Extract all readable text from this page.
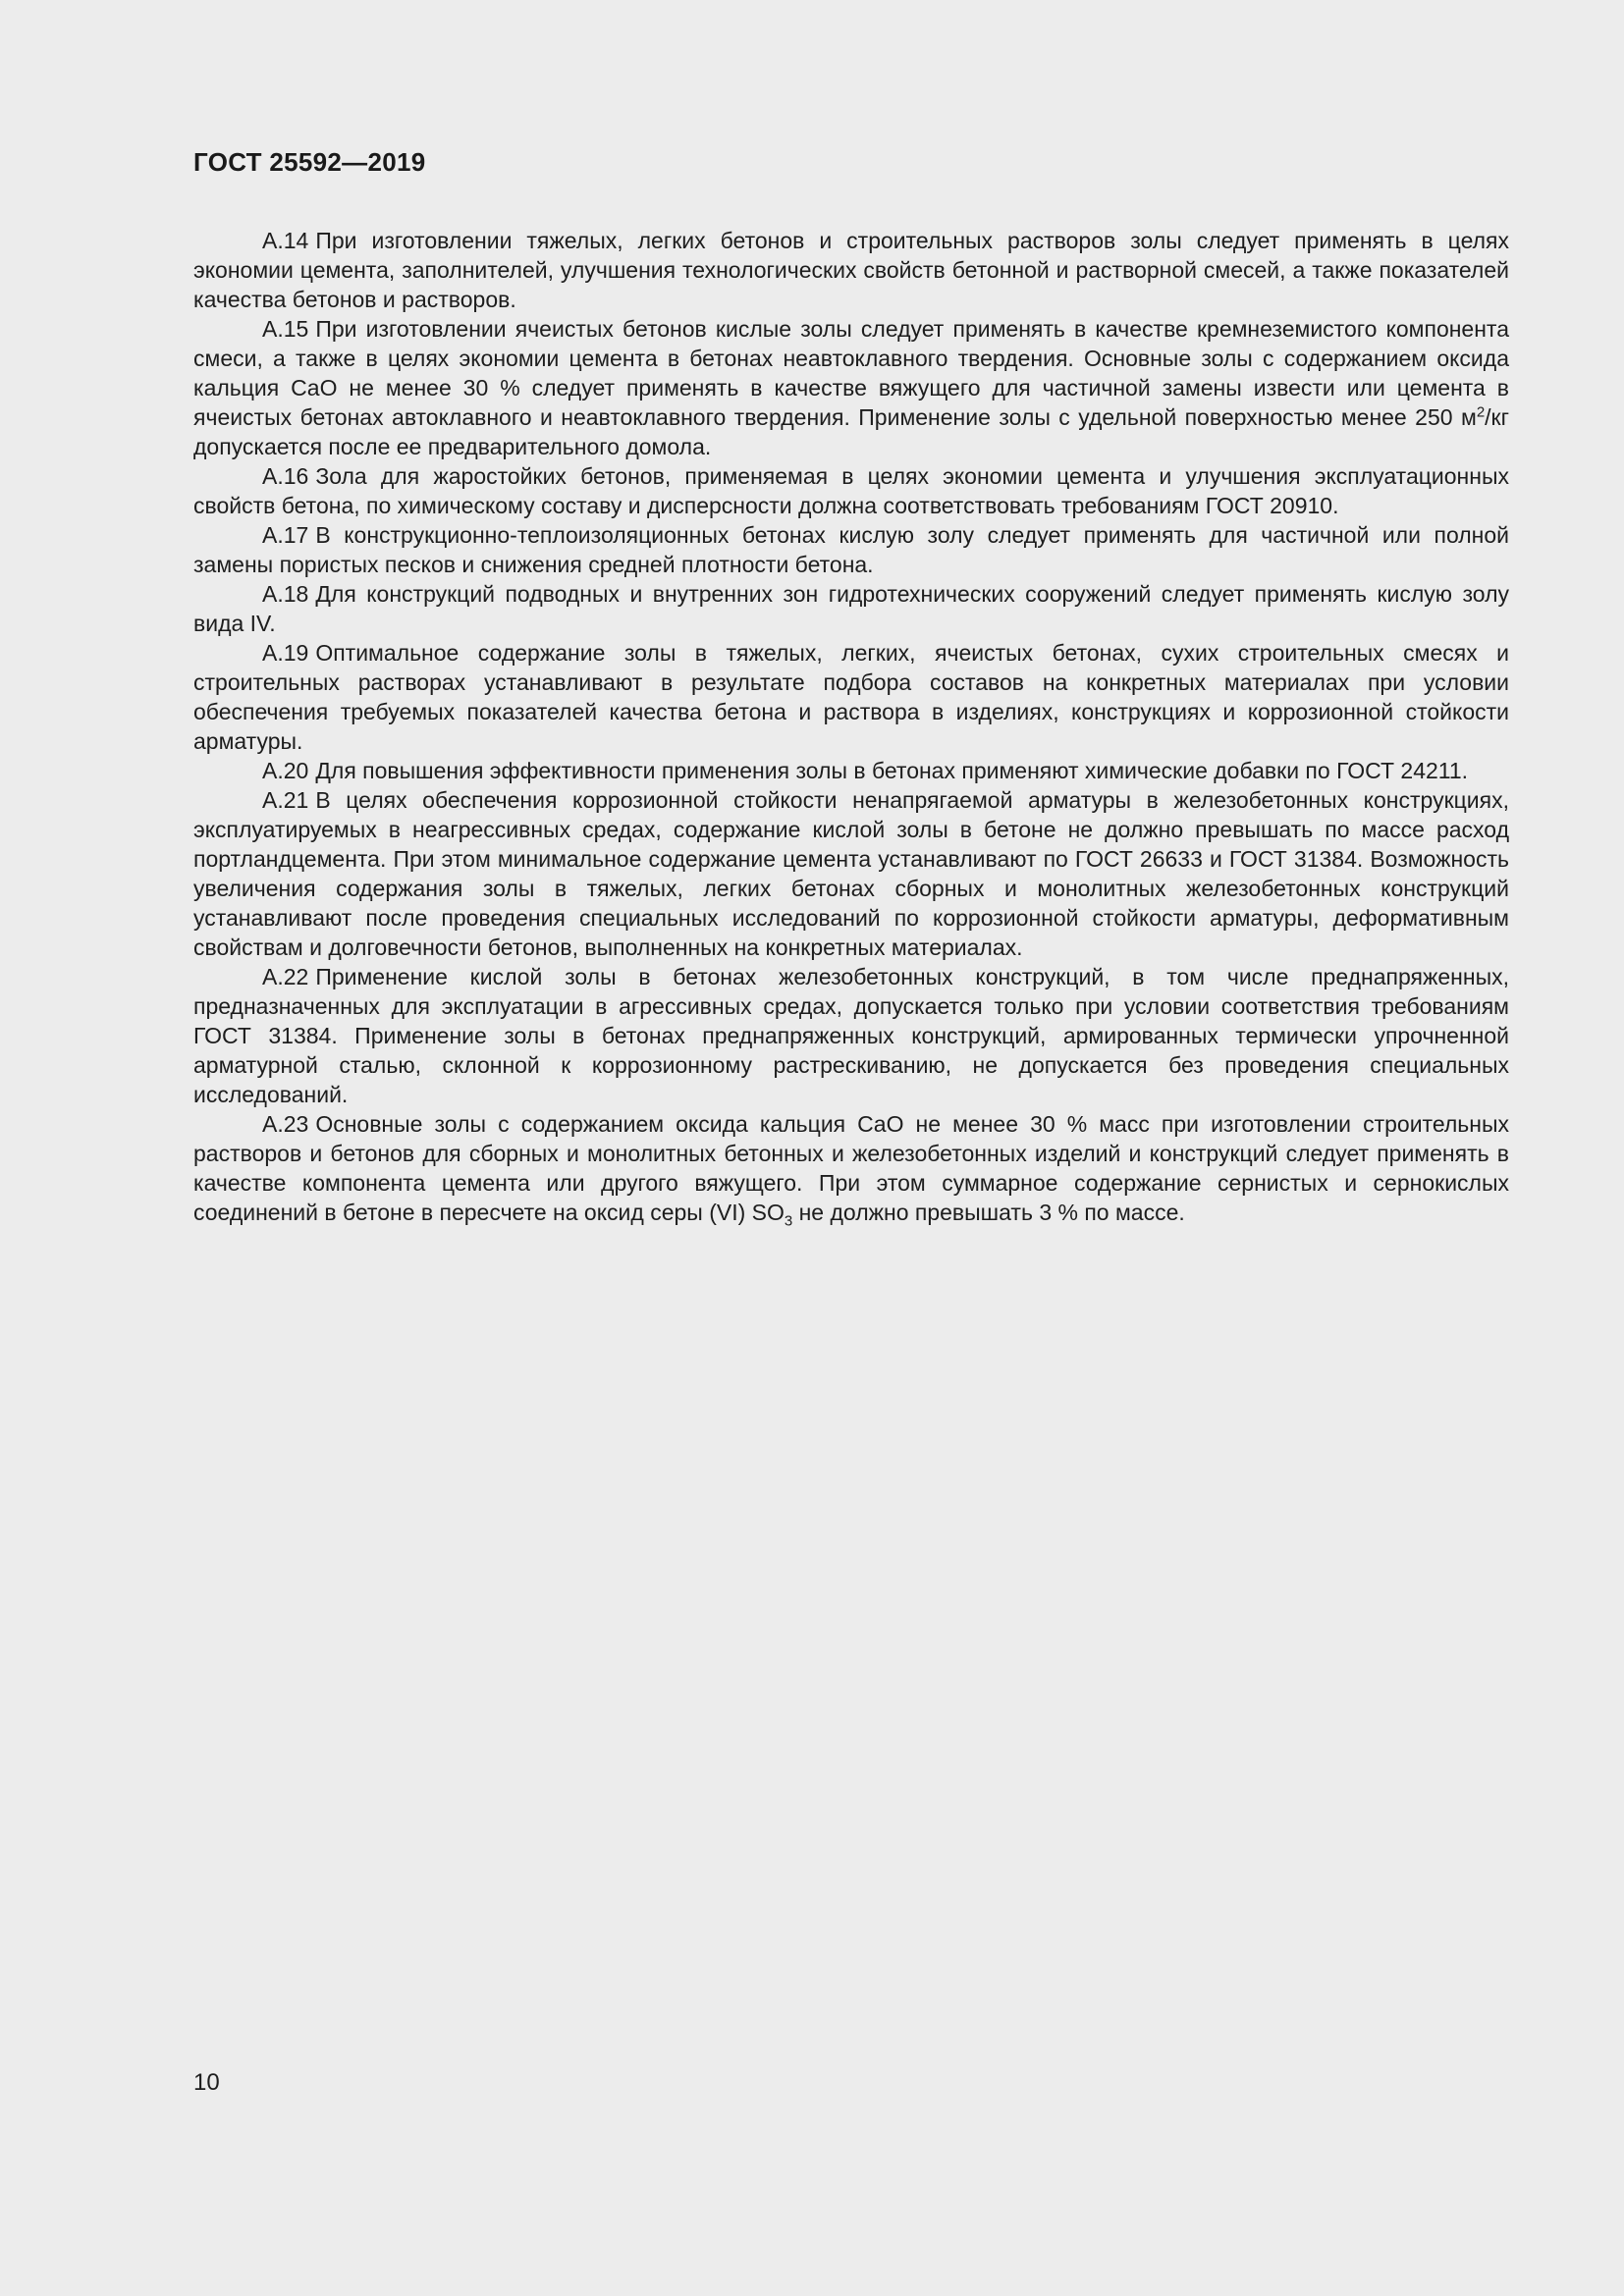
ГОСТ 25592—2019

А.14 При изготовлении тяжелых, легких бетонов и строительных растворов золы следует применять в целях экономии цемента, заполнителей, улучшения технологических свойств бетонной и растворной смесей, а также показателей качества бетонов и растворов.

А.15 При изготовлении ячеистых бетонов кислые золы следует применять в качестве кремнеземистого компонента смеси, а также в целях экономии цемента в бетонах неавтоклавного твердения. Основные золы с содержанием оксида кальция CaO не менее 30 % следует применять в качестве вяжущего для частичной замены извести или цемента в ячеистых бетонах автоклавного и неавтоклавного твердения. Применение золы с удельной поверхностью менее 250 $м^2/кг$ допускается после ее предварительного домола.

А.16 Зола для жаростойких бетонов, применяемая в целях экономии цемента и улучшения эксплуатационных свойств бетона, по химическому составу и дисперсности должна соответствовать требованиям ГОСТ 20910.

А.17 В конструкционно-теплоизоляционных бетонах кислую золу следует применять для частичной или полной замены пористых песков и снижения средней плотности бетона.

А.18 Для конструкций подводных и внутренних зон гидротехнических сооружений следует применять кислую золу вида IV.

А.19 Оптимальное содержание золы в тяжелых, легких, ячеистых бетонах, сухих строительных смесях и строительных растворах устанавливают в результате подбора составов на конкретных материалах при условии обеспечения требуемых показателей качества бетона и раствора в изделиях, конструкциях и коррозионной стойкости арматуры.

А.20 Для повышения эффективности применения золы в бетонах применяют химические добавки по ГОСТ 24211.

А.21 В целях обеспечения коррозионной стойкости ненапрягаемой арматуры в железобетонных конструкциях, эксплуатируемых в неагрессивных средах, содержание кислой золы в бетоне не должно превышать по массе расход портландцемента. При этом минимальное содержание цемента устанавливают по ГОСТ 26633 и ГОСТ 31384. Возможность увеличения содержания золы в тяжелых, легких бетонах сборных и монолитных железобетонных конструкций устанавливают после проведения специальных исследований по коррозионной стойкости арматуры, деформативным свойствам и долговечности бетонов, выполненных на конкретных материалах.

А.22 Применение кислой золы в бетонах железобетонных конструкций, в том числе преднапряженных, предназначенных для эксплуатации в агрессивных средах, допускается только при условии соответствия требованиям ГОСТ 31384. Применение золы в бетонах преднапряженных конструкций, армированных термически упрочненной арматурной сталью, склонной к коррозионному растрескиванию, не допускается без проведения специальных исследований.

А.23 Основные золы с содержанием оксида кальция CaO не менее 30 % масс при изготовлении строительных растворов и бетонов для сборных и монолитных бетонных и железобетонных изделий и конструкций следует применять в качестве компонента цемента или другого вяжущего. При этом суммарное содержание сернистых и сернокислых соединений в бетоне в пересчете на оксид серы (VI) $SO_3$ не должно превышать 3 % по массе.

10
